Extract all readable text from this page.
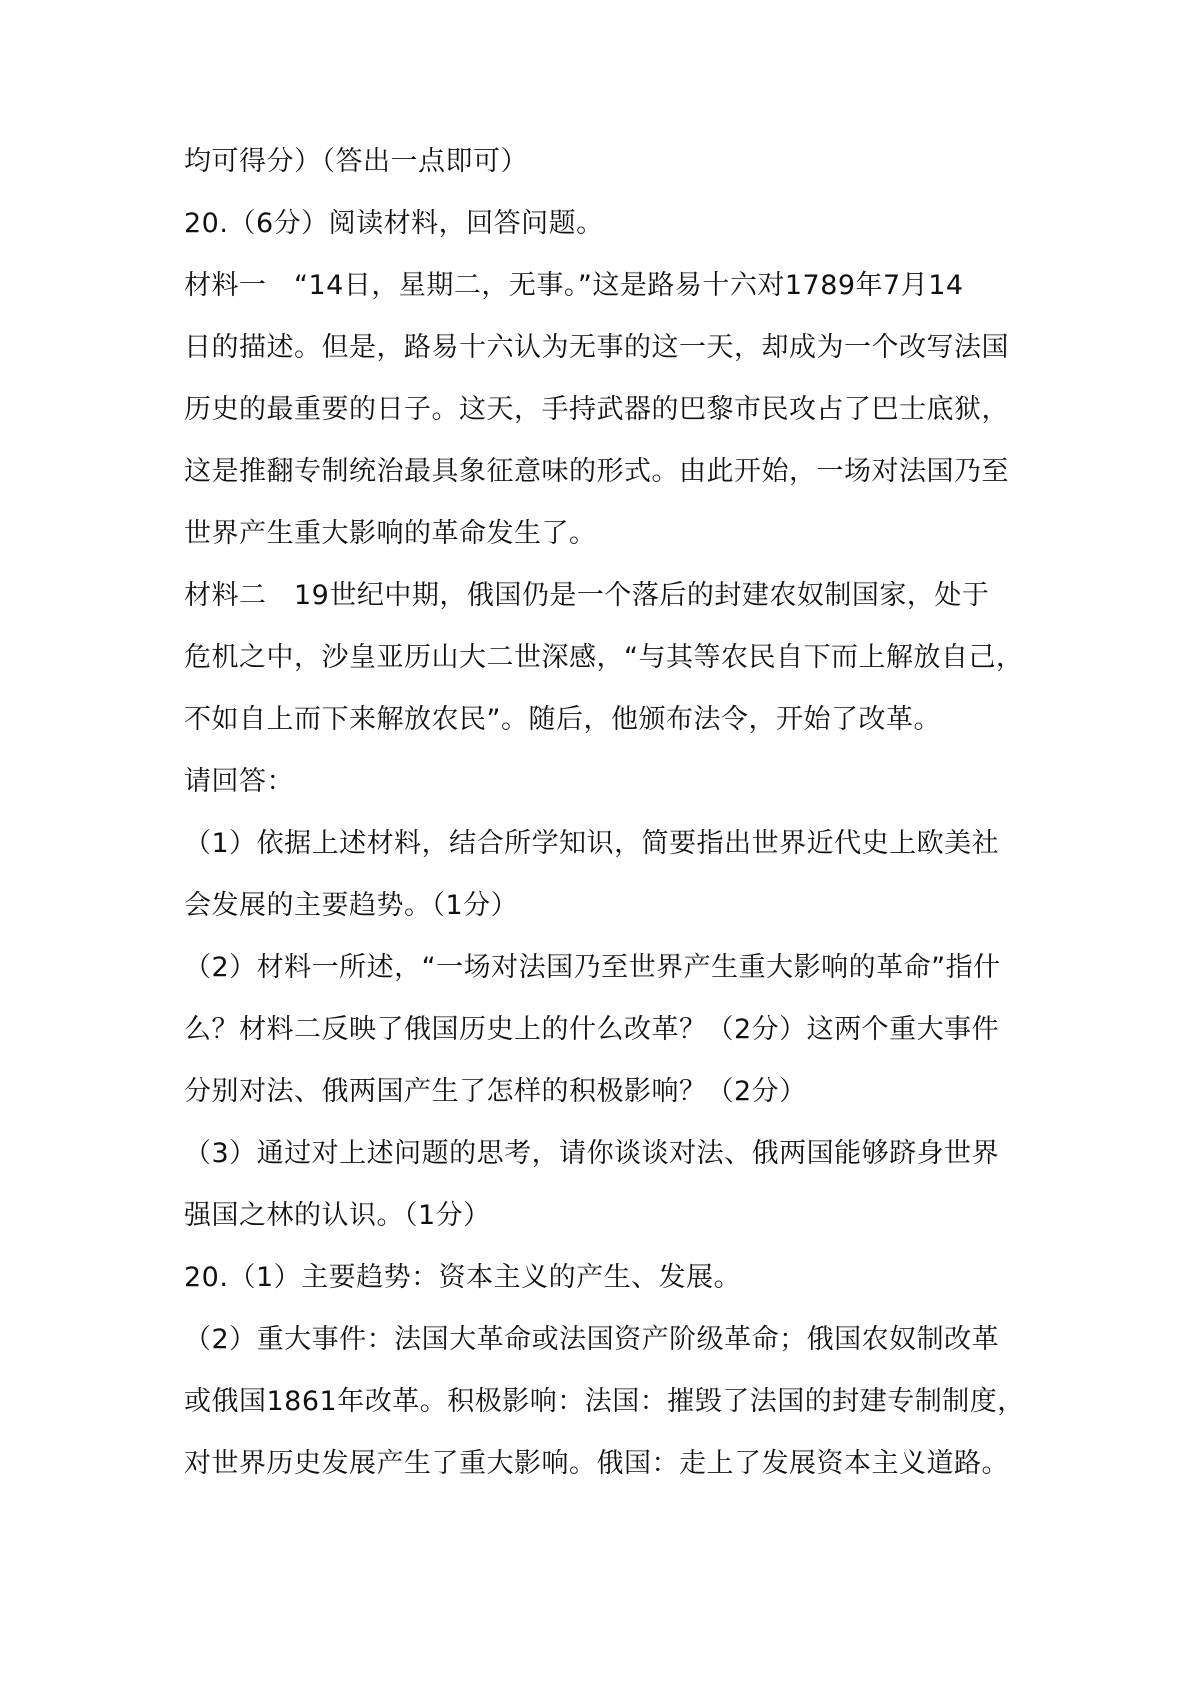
均可得分）（答出一点即可）
20.（6分）阅读材料，回答问题。
材料一　“14日，星期二，无事。”这是路易十六对1789年7月14
日的描述。但是，路易十六认为无事的这一天，却成为一个改写法国
历史的最重要的日子。这天，手持武器的巴黎市民攻占了巴士底狱，
这是推翻专制统治最具象征意味的形式。由此开始，一场对法国乃至
世界产生重大影响的革命发生了。
材料二　19世纪中期，俄国仍是一个落后的封建农奴制国家，处于
危机之中，沙皇亚历山大二世深感，“与其等农民自下而上解放自己，
不如自上而下来解放农民”。随后，他颁布法令，开始了改革。
请回答：
（1）依据上述材料，结合所学知识，简要指出世界近代史上欧美社
会发展的主要趋势。（1分）
（2）材料一所述，“一场对法国乃至世界产生重大影响的革命”指什
么？材料二反映了俄国历史上的什么改革？（2分）这两个重大事件
分别对法、俄两国产生了怎样的积极影响？（2分）
（3）通过对上述问题的思考，请你谈谈对法、俄两国能够跻身世界
强国之林的认识。（1分）
20.（1）主要趋势：资本主义的产生、发展。
（2）重大事件：法国大革命或法国资产阶级革命；俄国农奴制改革
或俄国1861年改革。积极影响：法国：摧毁了法国的封建专制制度，
对世界历史发展产生了重大影响。俄国：走上了发展资本主义道路。
